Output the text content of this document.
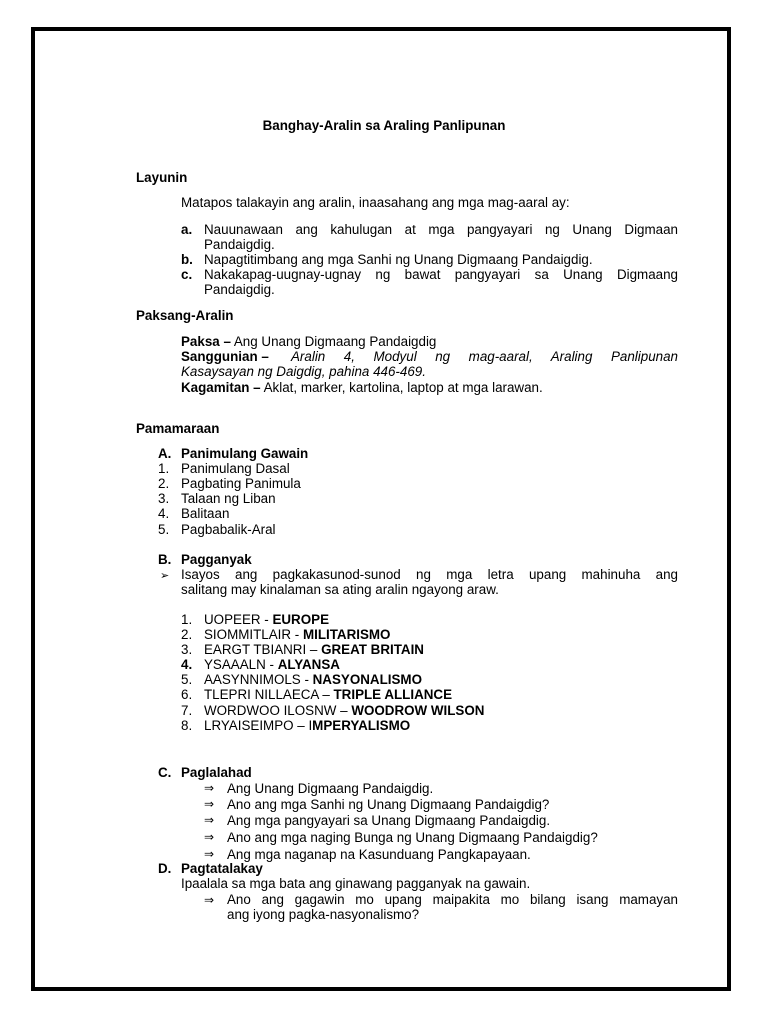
Banghay-Aralin sa Araling Panlipunan
Layunin
Matapos talakayin ang aralin, inaasahang ang mga mag-aaral ay:
a. Nauunawaan ang kahulugan at mga pangyayari ng Unang Digmaan
Pandaigdig.
b. Napagtitimbang ang mga Sanhi ng Unang Digmaang Pandaigdig.
c. Nakakapag-uugnay-ugnay ng bawat pangyayari sa Unang Digmaang
Pandaigdig.
Paksang-Aralin
Paksa – Ang Unang Digmaang Pandaigdig
Sanggunian – Aralin 4, Modyul ng mag-aaral, Araling Panlipunan
Kasaysayan ng Daigdig, pahina 446-469.
Kagamitan – Aklat, marker, kartolina, laptop at mga larawan.
Pamamaraan
A. Panimulang Gawain
1. Panimulang Dasal
2. Pagbating Panimula
3. Talaan ng Liban
4. Balitaan
5. Pagbabalik-Aral
B. Pagganyak
➢ Isayos ang pagkakasunod-sunod ng mga letra upang mahinuha ang
salitang may kinalaman sa ating aralin ngayong araw.
1. UOPEER - EUROPE
2. SIOMMITLAIR - MILITARISMO
3. EARGT TBIANRI – GREAT BRITAIN
4. YSAAALN - ALYANSA
5. AASYNNIMOLS - NASYONALISMO
6. TLEPRI NILLAECA – TRIPLE ALLIANCE
7. WORDWOO ILOSNW – WOODROW WILSON
8. LRYAISEIMPO – IMPERYALISMO
C. Paglalahad
⇒ Ang Unang Digmaang Pandaigdig.
⇒ Ano ang mga Sanhi ng Unang Digmaang Pandaigdig?
⇒ Ang mga pangyayari sa Unang Digmaang Pandaigdig.
⇒ Ano ang mga naging Bunga ng Unang Digmaang Pandaigdig?
⇒ Ang mga naganap na Kasunduang Pangkapayaan.
D. Pagtatalakay
Ipaalala sa mga bata ang ginawang pagganyak na gawain.
⇒ Ano ang gagawin mo upang maipakita mo bilang isang mamayan
ang iyong pagka-nasyonalismo?
